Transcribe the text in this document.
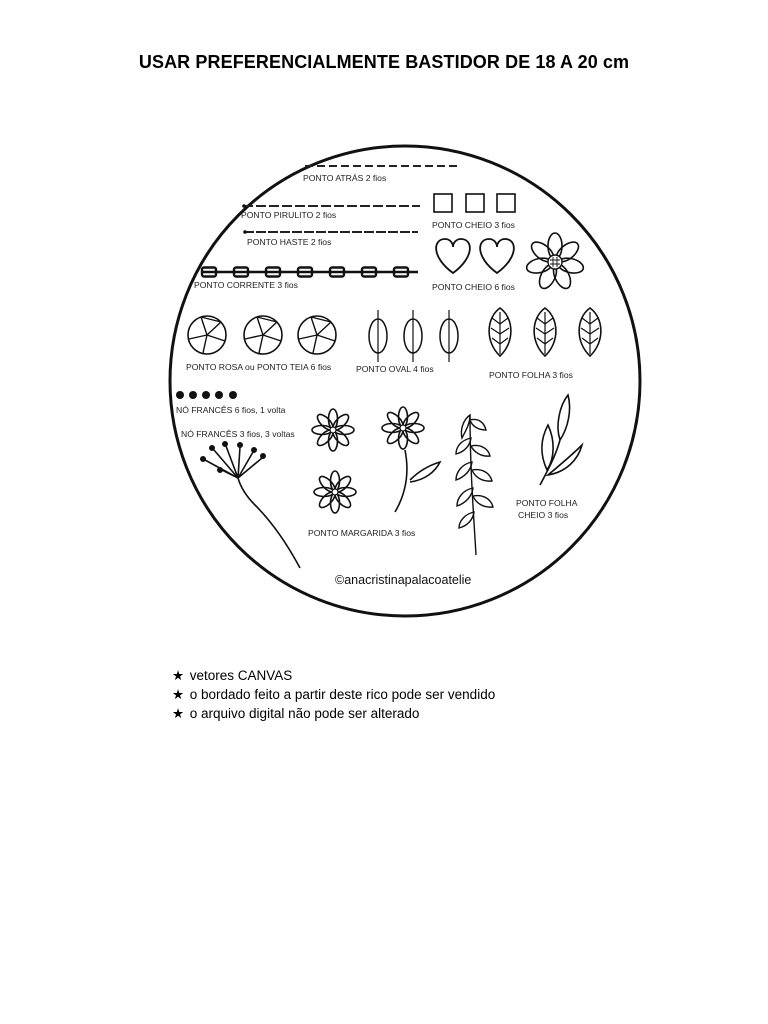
USAR PREFERENCIALMENTE BASTIDOR DE 18 A 20 cm
PONTO ATRÁS 2 fios
PONTO PIRULITO 2 fios
PONTO HASTE 2 fios
PONTO CORRENTE 3 fios
PONTO CHEIO 3 fios
PONTO CHEIO 6 fios
PONTO ROSA ou PONTO TEIA 6 fios	PONTO OVAL 4 fios
PONTO FOLHA 3 fios
NÓ FRANCÊS 6 fios, 1 volta
NÓ FRANCÊS 3 fios, 3 voltas
PONTO MARGARIDA 3 fios
PONTO FOLHA
CHEIO 3 fios
©anacristinapalacoatelie
★ vetores CANVAS
★ o bordado feito a partir deste rico pode ser vendido
★ o arquivo digital não pode ser alterado
